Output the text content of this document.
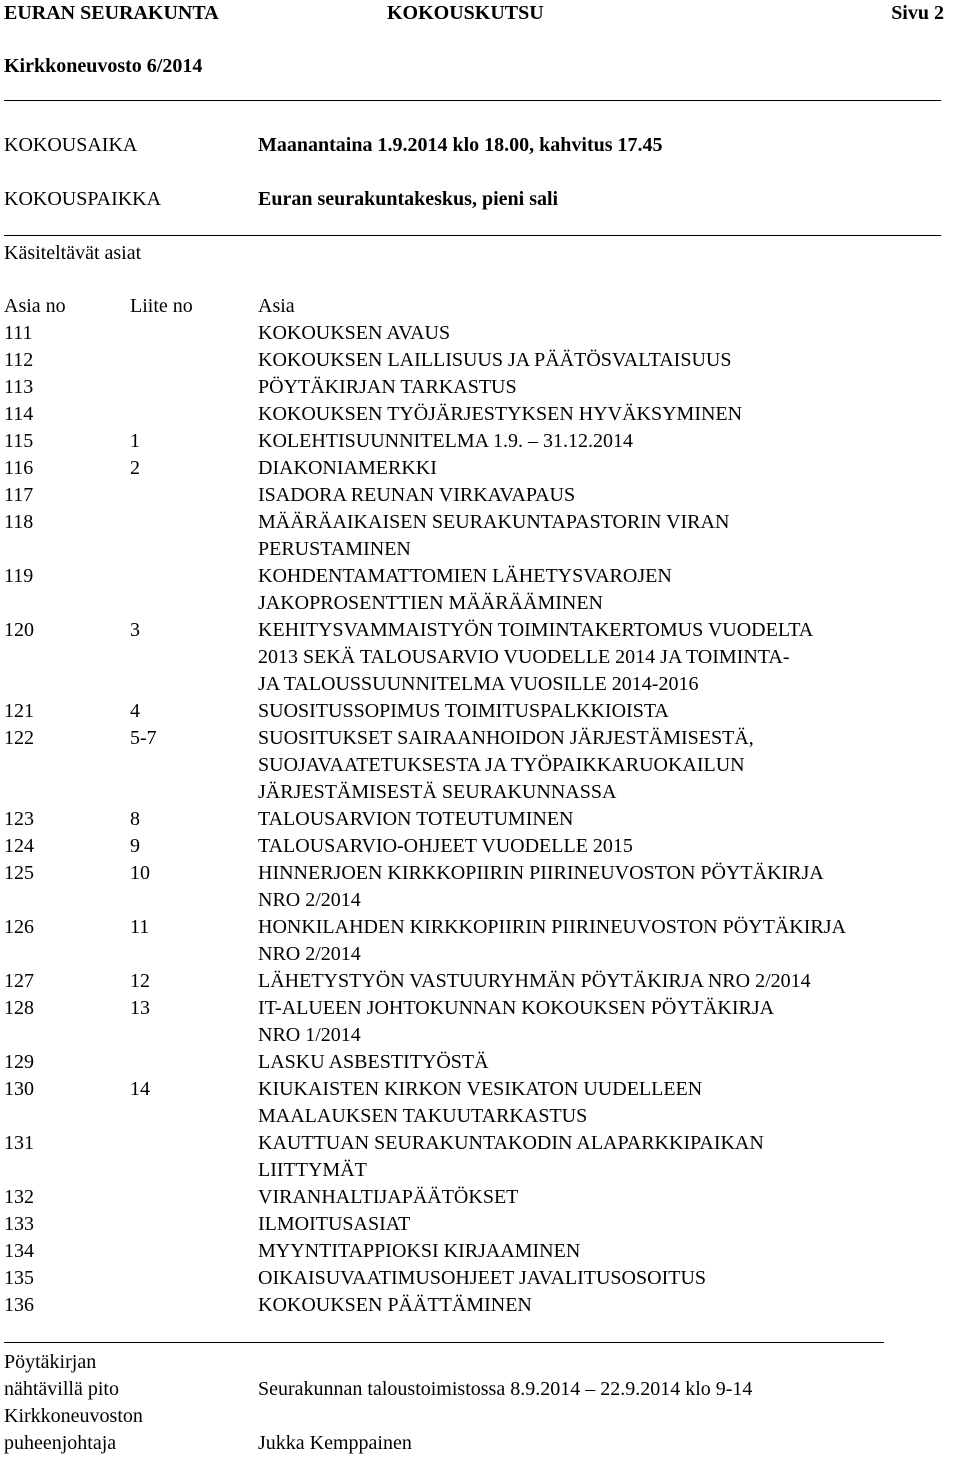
EURAN SEURAKUNTA	KOKOUSKUTSU	Sivu 2
Kirkkoneuvosto 6/2014
KOKOUSAIKA	Maanantaina 1.9.2014 klo 18.00, kahvitus 17.45
KOKOUSPAIKKA	Euran seurakuntakeskus, pieni sali
Käsiteltävät asiat
Asia no	Liite no	Asia
111		KOKOUKSEN AVAUS

112		KOKOUKSEN LAILLISUUS JA PÄÄTÖSVALTAISUUS

113		PÖYTÄKIRJAN TARKASTUS

114		KOKOUKSEN TYÖJÄRJESTYKSEN HYVÄKSYMINEN

115	1	KOLEHTISUUNNITELMA 1.9. – 31.12.2014

116	2	DIAKONIAMERKKI

117		ISADORA REUNAN VIRKAVAPAUS

118		MÄÄRÄAIKAISEN SEURAKUNTAPASTORIN VIRAN
PERUSTAMINEN

119		KOHDENTAMATTOMIEN LÄHETYSVAROJEN
JAKOPROSENTTIEN MÄÄRÄÄMINEN

120	3	KEHITYSVAMMAISTYÖN TOIMINTAKERTOMUS VUODELTA
2013 SEKÄ TALOUSARVIO VUODELLE 2014 JA TOIMINTA-
JA TALOUSSUUNNITELMA VUOSILLE 2014-2016

121	4	SUOSITUSSOPIMUS TOIMITUSPALKKIOISTA

122	5-7	SUOSITUKSET SAIRAANHOIDON JÄRJESTÄMISESTÄ,
SUOJAVAATETUKSESTA JA TYÖPAIKKARUOKAILUN
JÄRJESTÄMISESTÄ SEURAKUNNASSA

123	8	TALOUSARVION TOTEUTUMINEN

124	9	TALOUSARVIO-OHJEET VUODELLE 2015

125	10	HINNERJOEN KIRKKOPIIRIN PIIRINEUVOSTON PÖYTÄKIRJA
NRO 2/2014

126	11	HONKILAHDEN KIRKKOPIIRIN PIIRINEUVOSTON PÖYTÄKIRJA
NRO 2/2014

127	12	LÄHETYSTYÖN VASTUURYHMÄN PÖYTÄKIRJA NRO 2/2014

128	13	IT-ALUEEN JOHTOKUNNAN KOKOUKSEN PÖYTÄKIRJA
NRO 1/2014

129		LASKU ASBESTITYÖSTÄ

130	14	KIUKAISTEN KIRKON VESIKATON UUDELLEEN
MAALAUKSEN TAKUUTARKASTUS

131		KAUTTUAN SEURAKUNTAKODIN ALAPARKKIPAIKAN
LIITTYMÄT

132		VIRANHALTIJAPÄÄTÖKSET

133		ILMOITUSASIAT

134		MYYNTITAPPIOKSI KIRJAAMINEN

135		OIKAISUVAATIMUSOHJEET JAVALITUSOSOITUS

136		KOKOUKSEN PÄÄTTÄMINEN
Pöytäkirjan
nähtävillä pito	Seurakunnan taloustoimistossa 8.9.2014 – 22.9.2014 klo 9-14
Kirkkoneuvoston
puheenjohtaja	Jukka Kemppainen
